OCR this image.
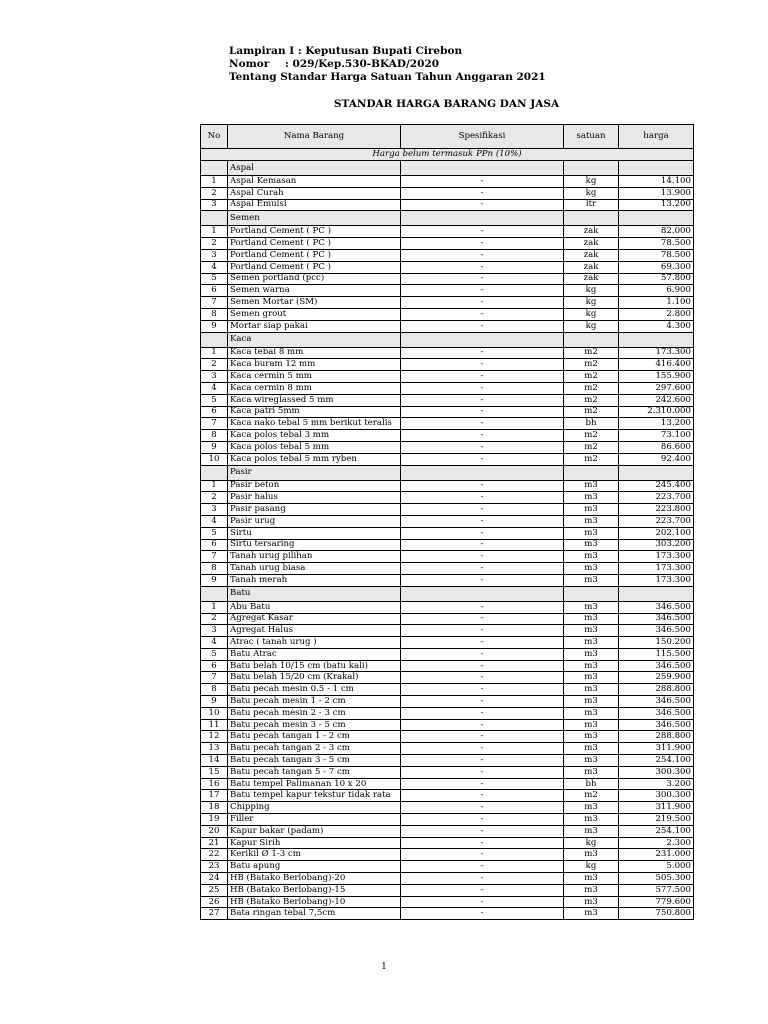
Lampiran I : Keputusan Bupati Cirebon
Nomor	: 029/Kep.530-BKAD/2020
Tentang Standar Harga Satuan Tahun Anggaran 2021
STANDAR HARGA BARANG DAN JASA
No	Nama Barang	Spesifikasi	satuan	harga
Harga belum termasuk PPn (10%)				
	Aspal			
1	Aspal Kemasan	-	kg	14.100
2	Aspal Curah	-	kg	13.900
3	Aspal Emulsi	-	ltr	13.200
	Semen			
1	Portland Cement ( PC )	-	zak	82.000
2	Portland Cement ( PC )	-	zak	78.500
3	Portland Cement ( PC )	-	zak	78.500
4	Portland Cement ( PC )	-	zak	69.300
5	Semen portland (pcc)	-	zak	57.800
6	Semen warna	-	kg	6.900
7	Semen Mortar (SM)	-	kg	1.100
8	Semen grout	-	kg	2.800
9	Mortar siap pakai	-	kg	4.300
	Kaca			
1	Kaca tebal 8 mm	-	m2	173.300
2	Kaca buram 12 mm	-	m2	416.400
3	Kaca cermin 5 mm	-	m2	155.900
4	Kaca cermin 8 mm	-	m2	297.600
5	Kaca wireglassed 5 mm	-	m2	242.600
6	Kaca patri 5mm	-	m2	2.310.000
7	Kaca nako tebal 5 mm berikut teralis	-	bh	13.200
8	Kaca polos tebal 3 mm	-	m2	73.100
9	Kaca polos tebal 5 mm	-	m2	86.600
10	Kaca polos tebal 5 mm ryben	-	m2	92.400
	Pasir			
1	Pasir beton	-	m3	245.400
2	Pasir halus	-	m3	223.700
3	Pasir pasang	-	m3	223.800
4	Pasir urug	-	m3	223.700
5	Sirtu	-	m3	202.100
6	Sirtu tersaring	-	m3	303.200
7	Tanah urug pilihan	-	m3	173.300
8	Tanah urug biasa	-	m3	173.300
9	Tanah merah	-	m3	173.300
	Batu			
1	Abu Batu	-	m3	346.500
2	Agregat Kasar	-	m3	346.500
3	Agregat Halus	-	m3	346.500
4	Atrac ( tanah urug )	-	m3	150.200
5	Batu Atrac	-	m3	115.500
6	Batu belah 10/15 cm (batu kali)	-	m3	346.500
7	Batu belah 15/20 cm (Krakal)	-	m3	259.900
8	Batu pecah mesin 0.5 - 1 cm	-	m3	288.800
9	Batu pecah mesin 1 - 2 cm	-	m3	346.500
10	Batu pecah mesin 2 - 3 cm	-	m3	346.500
11	Batu pecah mesin 3 - 5 cm	-	m3	346.500
12	Batu pecah tangan 1 - 2 cm	-	m3	288.800
13	Batu pecah tangan 2 - 3 cm	-	m3	311.900
14	Batu pecah tangan 3 - 5 cm	-	m3	254.100
15	Batu pecah tangan 5 - 7 cm	-	m3	300.300
16	Batu tempel Palimanan 10 x 20	-	bh	3.200
17	Batu tempel kapur tekstur tidak rata	-	m2	300.300
18	Chipping	-	m3	311.900
19	Filler	-	m3	219.500
20	Kapur bakar (padam)	-	m3	254.100
21	Kapur Sirih	-	kg	2.300
22	Kerikil Ø 1-3 cm	-	m3	231.000
23	Batu apung	-	kg	5.000
24	HB (Batako Berlobang)-20	-	m3	505.300
25	HB (Batako Berlobang)-15	-	m3	577.500
26	HB (Batako Berlobang)-10	-	m3	779.600
27	Bata ringan tebal 7,5cm	-	m3	750.800
1
